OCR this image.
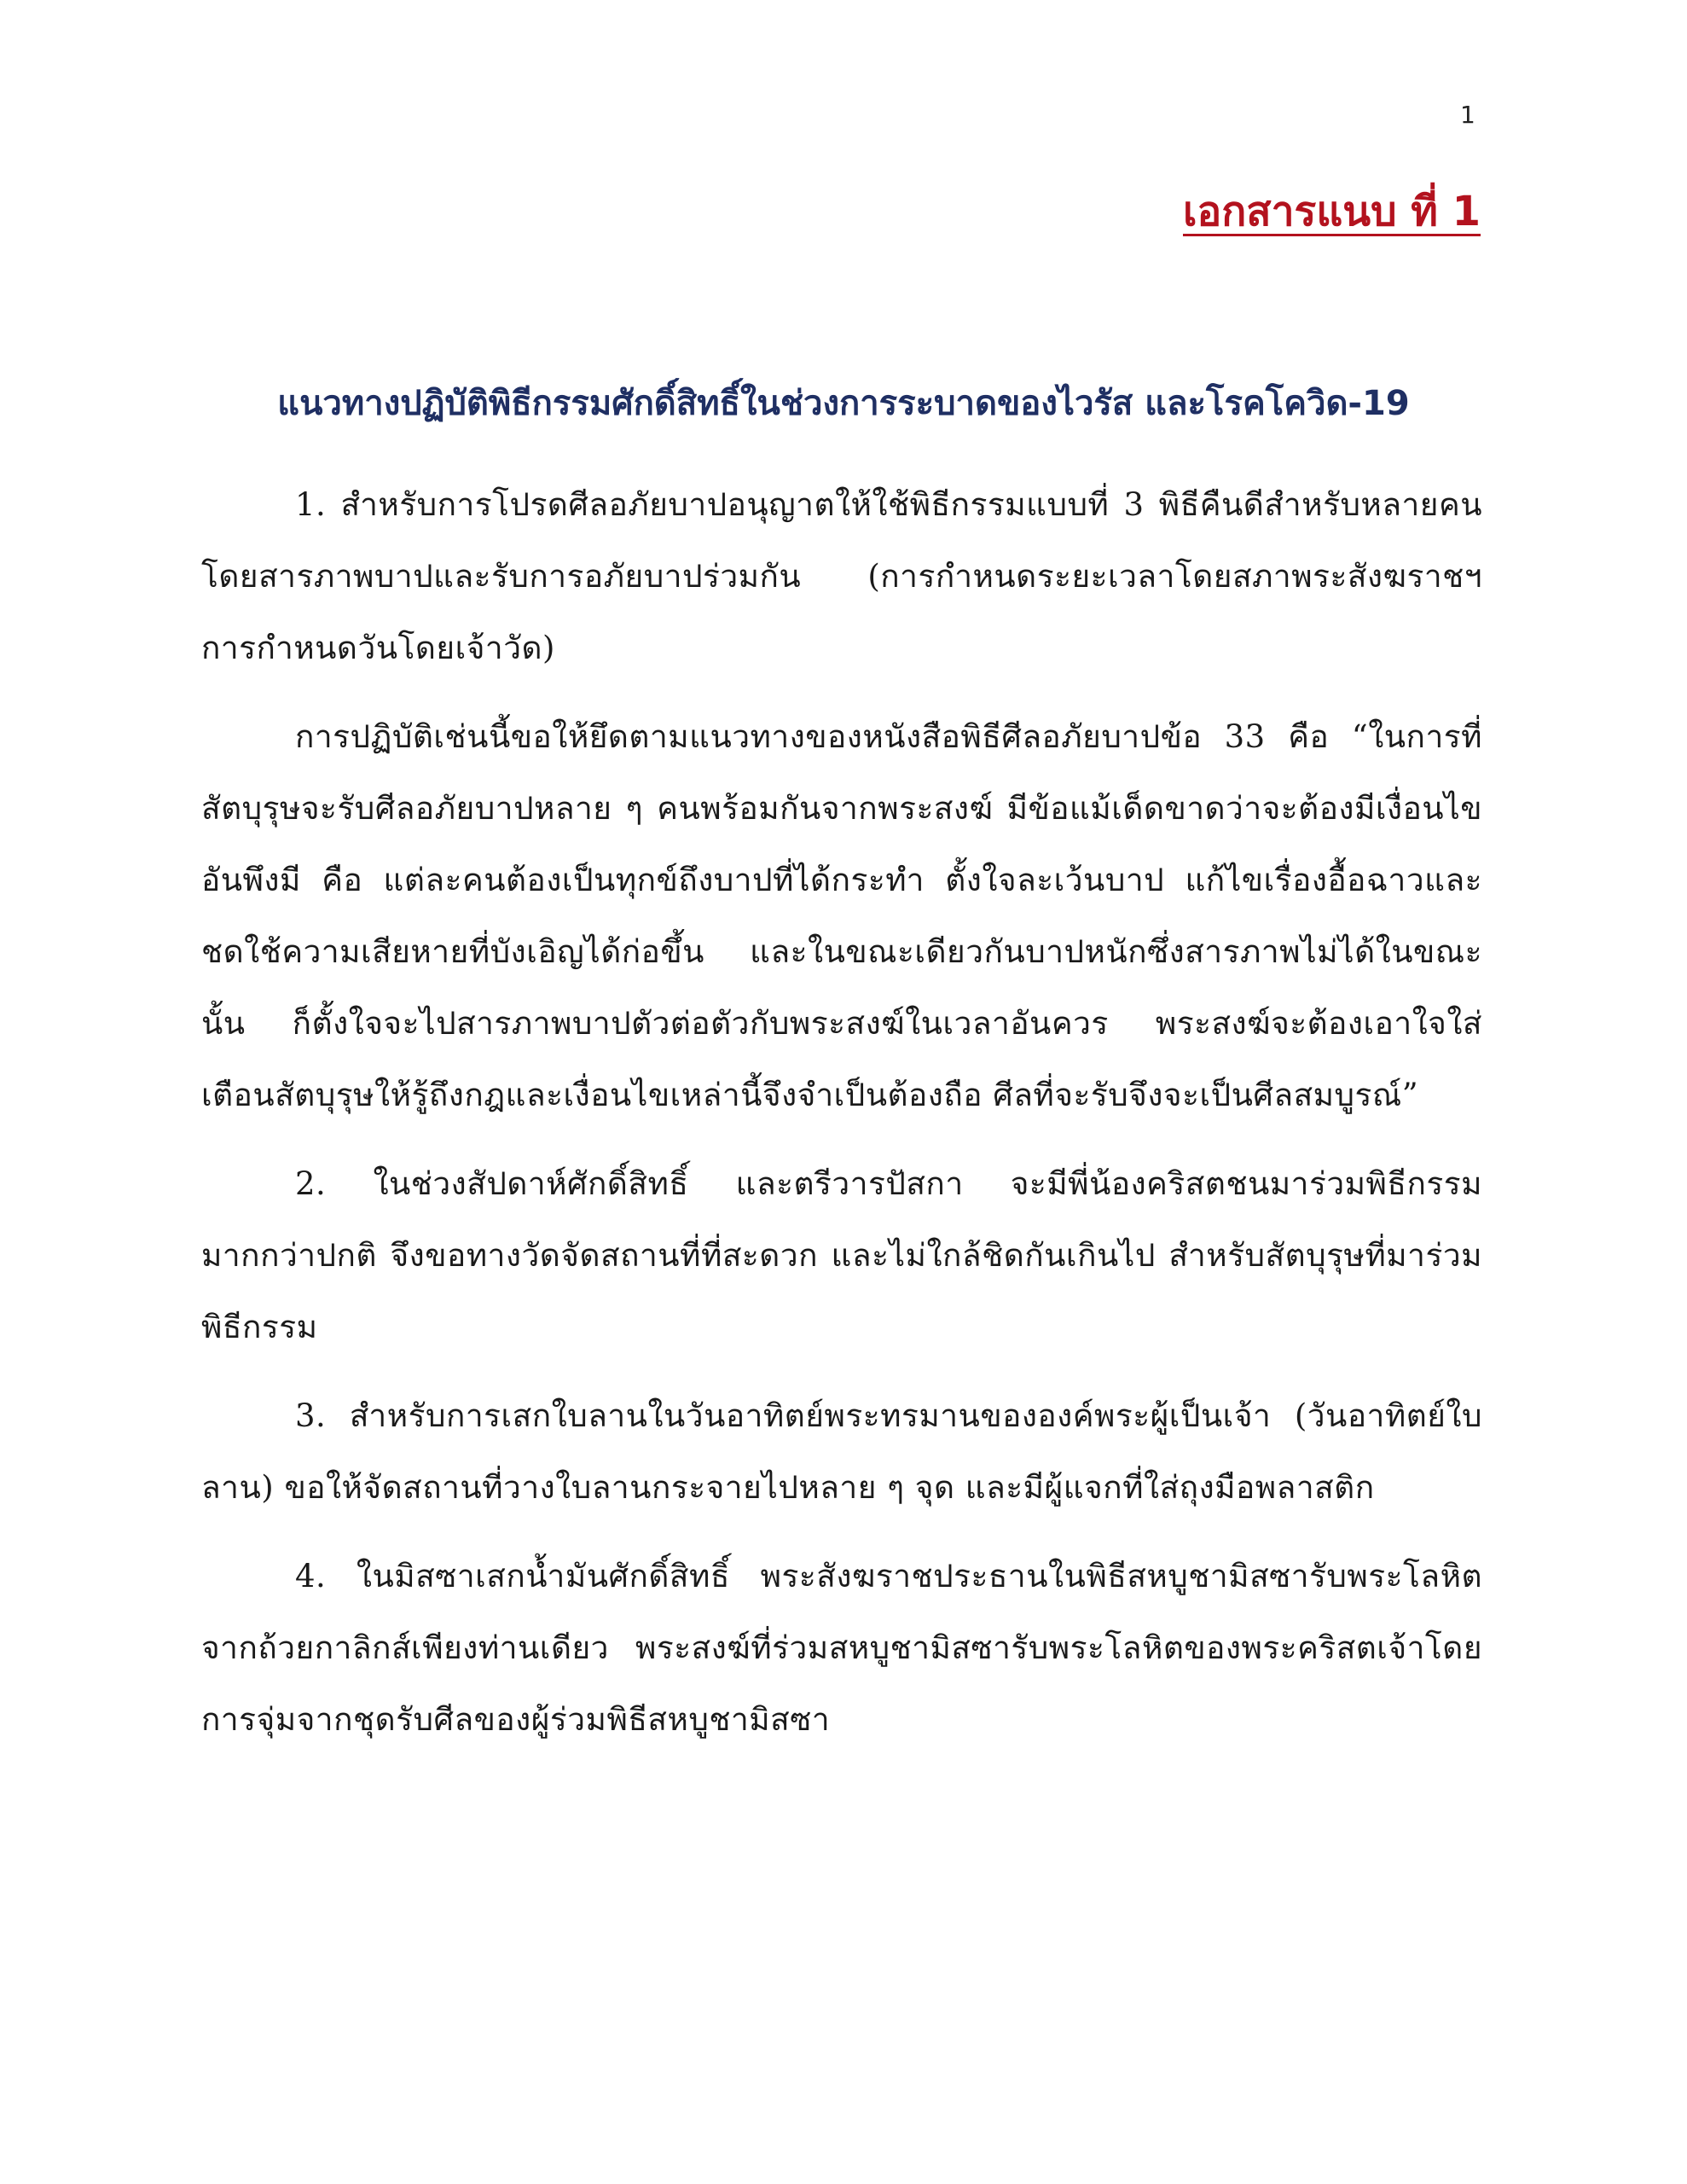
1
เอกสารแนบ ที่ 1
แนวทางปฏิบัติพิธีกรรมศักดิ์สิทธิ์ในช่วงการระบาดของไวรัส และโรคโควิด-19

1. สำหรับการโปรดศีลอภัยบาปอนุญาตให้ใช้พิธีกรรมแบบที่ 3 พิธีคืนดีสำหรับหลายคน โดยสารภาพบาปและรับการอภัยบาปร่วมกัน (การกำหนดระยะเวลาโดยสภาพระสังฆราชฯ การกำหนดวันโดยเจ้าวัด)

การปฏิบัติเช่นนี้ขอให้ยึดตามแนวทางของหนังสือพิธีศีลอภัยบาปข้อ 33 คือ “ในการที่สัตบุรุษจะรับศีลอภัยบาปหลาย ๆ คนพร้อมกันจากพระสงฆ์ มีข้อแม้เด็ดขาดว่าจะต้องมีเงื่อนไขอันพึงมี คือ แต่ละคนต้องเป็นทุกข์ถึงบาปที่ได้กระทำ ตั้งใจละเว้นบาป แก้ไขเรื่องอื้อฉาวและชดใช้ความเสียหายที่บังเอิญได้ก่อขึ้น และในขณะเดียวกันบาปหนักซึ่งสารภาพไม่ได้ในขณะนั้น ก็ตั้งใจจะไปสารภาพบาปตัวต่อตัวกับพระสงฆ์ในเวลาอันควร พระสงฆ์จะต้องเอาใจใส่เตือนสัตบุรุษให้รู้ถึงกฎและเงื่อนไขเหล่านี้จึงจำเป็นต้องถือ ศีลที่จะรับจึงจะเป็นศีลสมบูรณ์”

2. ในช่วงสัปดาห์ศักดิ์สิทธิ์ และตรีวารปัสกา จะมีพี่น้องคริสตชนมาร่วมพิธีกรรมมากกว่าปกติ จึงขอทางวัดจัดสถานที่ที่สะดวก และไม่ใกล้ชิดกันเกินไป สำหรับสัตบุรุษที่มาร่วมพิธีกรรม

3. สำหรับการเสกใบลานในวันอาทิตย์พระทรมานขององค์พระผู้เป็นเจ้า (วันอาทิตย์ใบลาน) ขอให้จัดสถานที่วางใบลานกระจายไปหลาย ๆ จุด และมีผู้แจกที่ใส่ถุงมือพลาสติก

4. ในมิสซาเสกน้ำมันศักดิ์สิทธิ์ พระสังฆราชประธานในพิธีสหบูชามิสซารับพระโลหิตจากถ้วยกาลิกส์เพียงท่านเดียว พระสงฆ์ที่ร่วมสหบูชามิสซารับพระโลหิตของพระคริสตเจ้าโดยการจุ่มจากชุดรับศีลของผู้ร่วมพิธีสหบูชามิสซา
